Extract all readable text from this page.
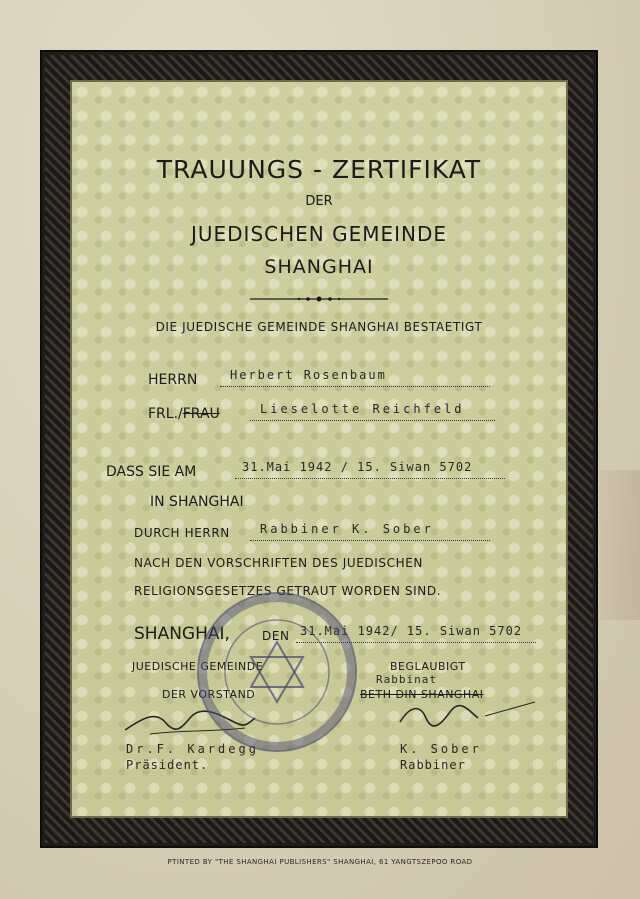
TRAUUNGS - ZERTIFIKAT
DER
JUEDISCHEN GEMEINDE
SHANGHAI
DIE JUEDISCHE GEMEINDE SHANGHAI BESTAETIGT
HERRN	Herbert Rosenbaum
FRL./FRAU	Lieselotte Reichfeld
DASS SIE AM	31.Mai 1942 / 15. Siwan 5702
IN SHANGHAI
DURCH HERRN	Rabbiner K. Sober
NACH DEN VORSCHRIFTEN DES JUEDISCHEN
RELIGIONSGESETZES GETRAUT WORDEN SIND.
SHANGHAI,	DEN 31.Mai 1942/ 15. Siwan 5702
JUEDISCHE GEMEINDE
DER VORSTAND
BEGLAUBIGT
Rabbinat
BETH DIN SHANGHAI
Dr.F. Kardegg
Präsident.
K. Sober
Rabbiner
PTINTED BY "THE SHANGHAI PUBLISHERS" SHANGHAI, 61 YANGTSZEPOO ROAD
